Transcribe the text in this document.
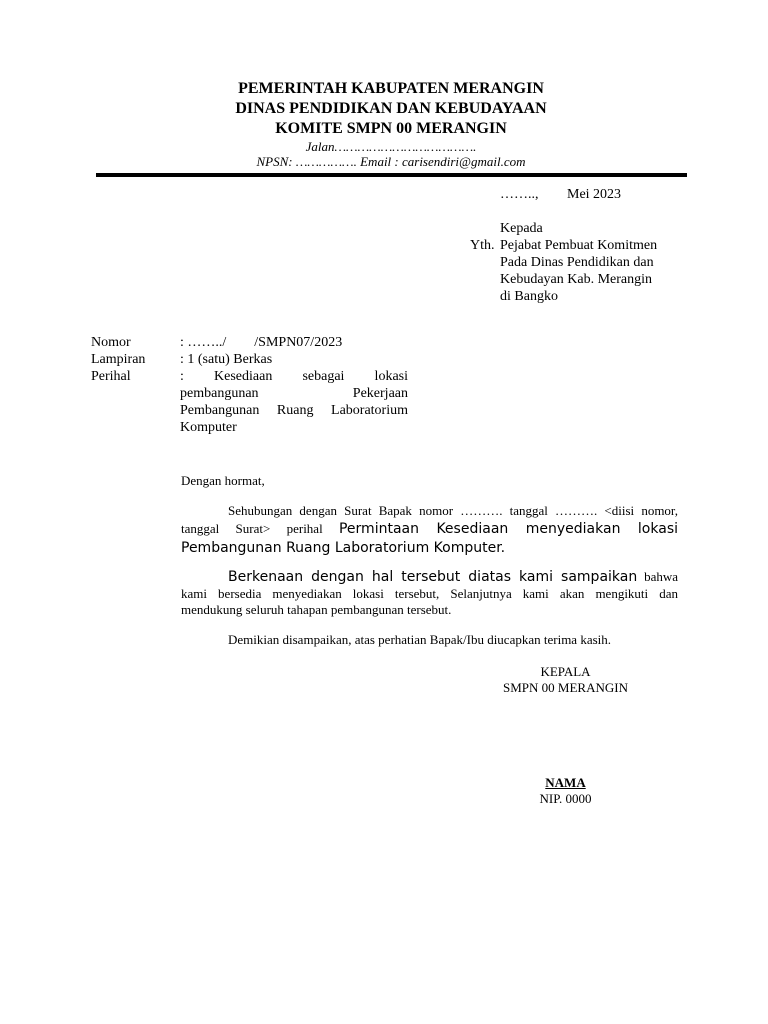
PEMERINTAH KABUPATEN MERANGIN
DINAS PENDIDIKAN DAN KEBUDAYAAN
KOMITE SMPN 00 MERANGIN
Jalan……………………………….
NPSN: ……………. Email : carisendiri@gmail.com
…….., Mei 2023
Kepada
Yth. Pejabat Pembuat Komitmen
Pada Dinas Pendidikan dan
Kebudayan Kab. Merangin
di Bangko
Nomor	: ……../        /SMPN07/2023
Lampiran : 1 (satu) Berkas
Perihal	: Kesediaan sebagai lokasi
pembangunan Pekerjaan
Pembangunan Ruang Laboratorium
Komputer
Dengan hormat,
Sehubungan dengan Surat Bapak nomor ………. tanggal ………. <diisi nomor,
tanggal Surat> perihal Permintaan Kesediaan menyediakan lokasi
Pembangunan Ruang Laboratorium Komputer.
Berkenaan dengan hal tersebut diatas kami sampaikan bahwa
kami bersedia menyediakan lokasi tersebut, Selanjutnya kami akan mengikuti dan
mendukung seluruh tahapan pembangunan tersebut.
Demikian disampaikan, atas perhatian Bapak/Ibu diucapkan terima kasih.
KEPALA
SMPN 00 MERANGIN
NAMA
NIP. 0000
